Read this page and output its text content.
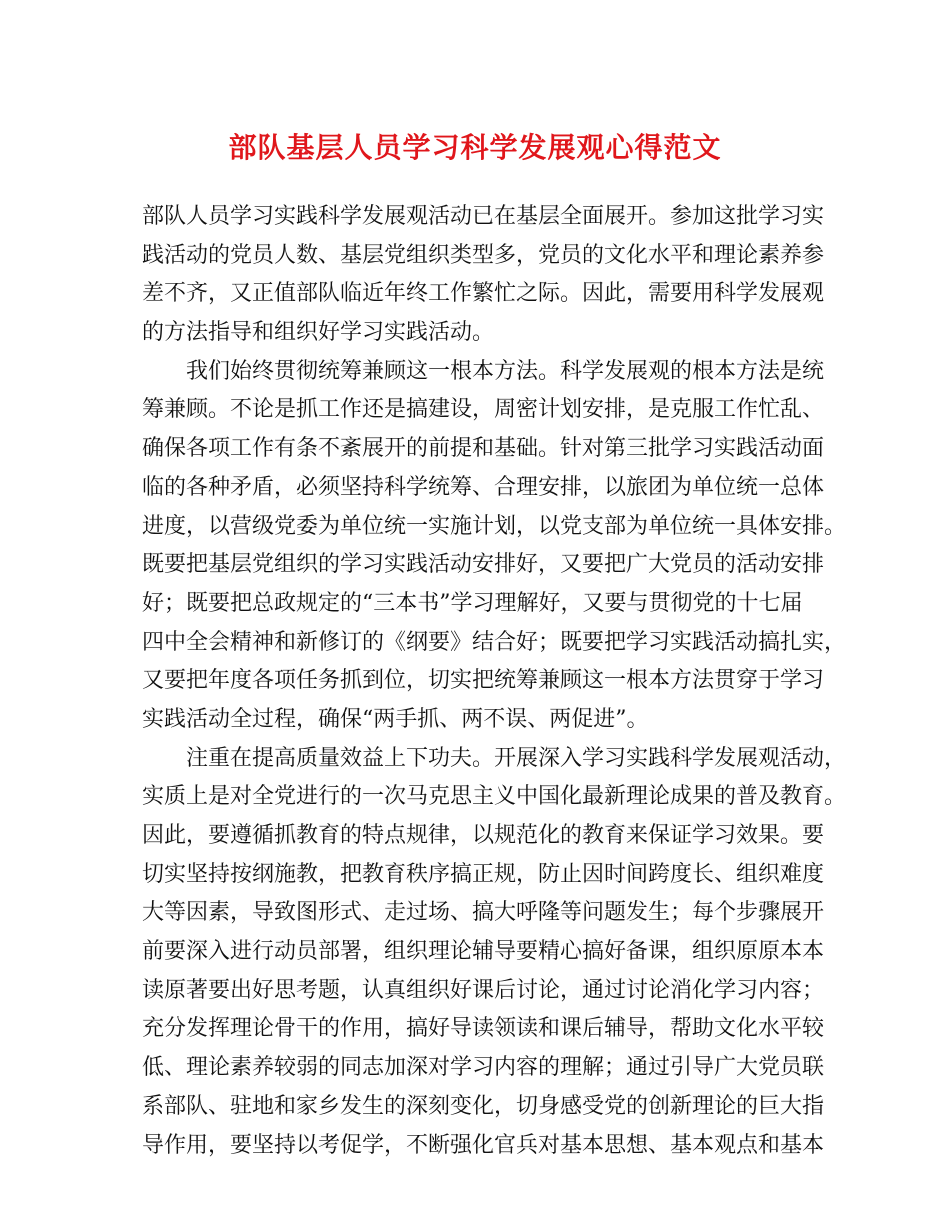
部队基层人员学习科学发展观心得范文
部队人员学习实践科学发展观活动已在基层全面展开。参加这批学习实
践活动的党员人数、基层党组织类型多，党员的文化水平和理论素养参
差不齐，又正值部队临近年终工作繁忙之际。因此，需要用科学发展观
的方法指导和组织好学习实践活动。
我们始终贯彻统筹兼顾这一根本方法。科学发展观的根本方法是统
筹兼顾。不论是抓工作还是搞建设，周密计划安排，是克服工作忙乱、
确保各项工作有条不紊展开的前提和基础。针对第三批学习实践活动面
临的各种矛盾，必须坚持科学统筹、合理安排，以旅团为单位统一总体
进度，以营级党委为单位统一实施计划，以党支部为单位统一具体安排。
既要把基层党组织的学习实践活动安排好，又要把广大党员的活动安排
好；既要把总政规定的“三本书”学习理解好，又要与贯彻党的十七届
四中全会精神和新修订的《纲要》结合好；既要把学习实践活动搞扎实，
又要把年度各项任务抓到位，切实把统筹兼顾这一根本方法贯穿于学习
实践活动全过程，确保“两手抓、两不误、两促进”。
注重在提高质量效益上下功夫。开展深入学习实践科学发展观活动，
实质上是对全党进行的一次马克思主义中国化最新理论成果的普及教育。
因此，要遵循抓教育的特点规律，以规范化的教育来保证学习效果。要
切实坚持按纲施教，把教育秩序搞正规，防止因时间跨度长、组织难度
大等因素，导致图形式、走过场、搞大呼隆等问题发生；每个步骤展开
前要深入进行动员部署，组织理论辅导要精心搞好备课，组织原原本本
读原著要出好思考题，认真组织好课后讨论，通过讨论消化学习内容；
充分发挥理论骨干的作用，搞好导读领读和课后辅导，帮助文化水平较
低、理论素养较弱的同志加深对学习内容的理解；通过引导广大党员联
系部队、驻地和家乡发生的深刻变化，切身感受党的创新理论的巨大指
导作用，要坚持以考促学，不断强化官兵对基本思想、基本观点和基本
